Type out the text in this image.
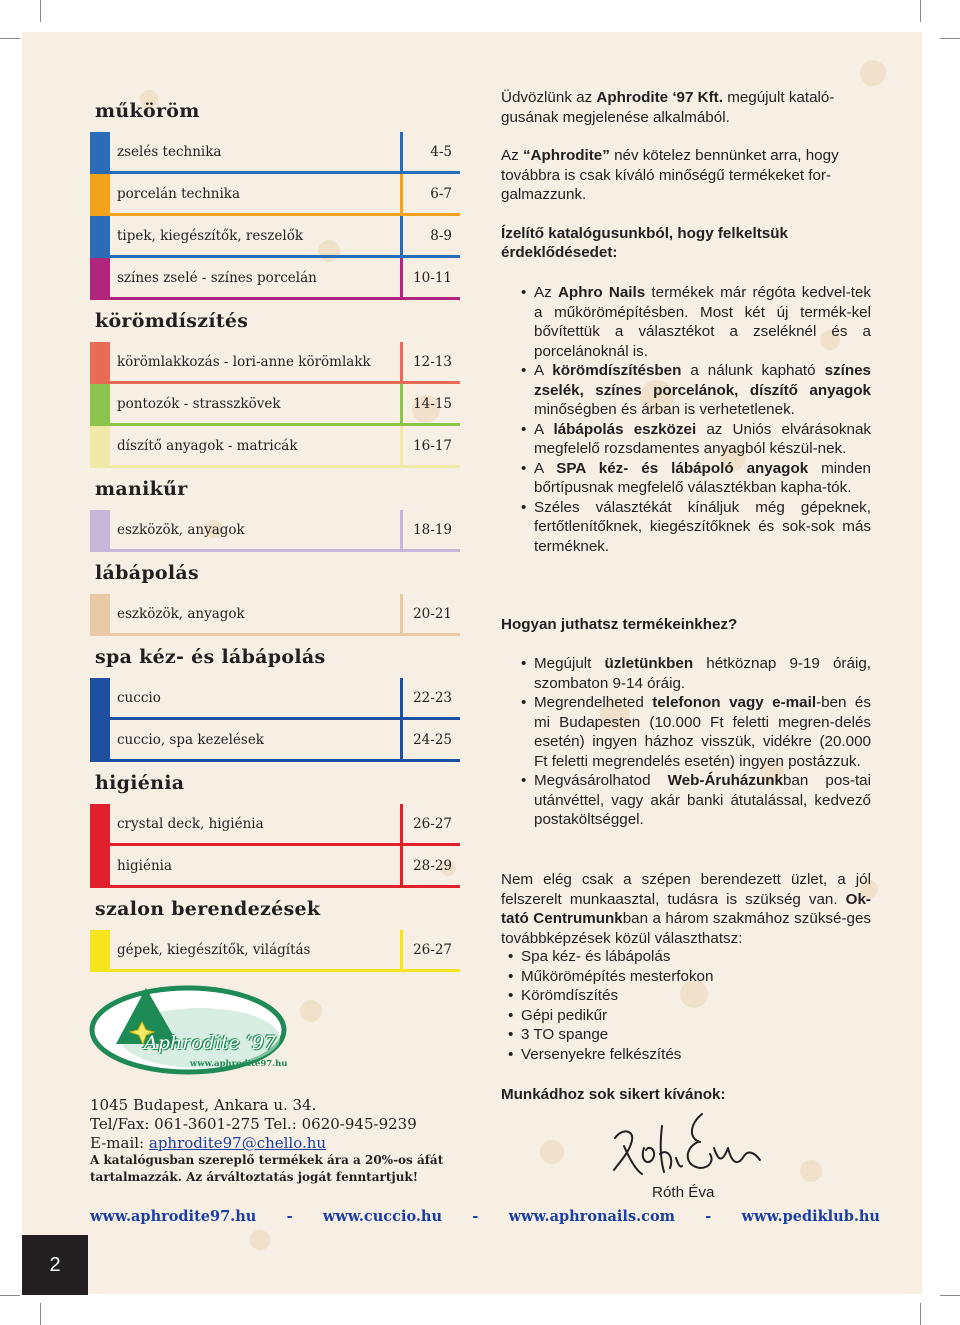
műköröm
zselés technika	4-5
porcelán technika	6-7
tipek, kiegészítők, reszelők	8-9
színes zselé - színes porcelán	10-11
körömdíszítés
körömlakkozás - lori-anne körömlakk	12-13
pontozók - strasszkövek	14-15
díszítő anyagok - matricák	16-17
manikűr
eszközök, anyagok	18-19
lábápolás
eszközök, anyagok	20-21
spa kéz- és lábápolás
cuccio	22-23
cuccio, spa kezelések	24-25
higiénia
crystal deck, higiénia	26-27
higiénia	28-29
szalon berendezések
gépek, kiegészítők, világítás	26-27
Aphrodite ‘97
www.aphrodite97.hu
1045 Budapest, Ankara u. 34.
Tel/Fax: 061-3601-275 Tel.: 0620-945-9239
E-mail: aphrodite97@chello.hu
A katalógusban szereplő termékek ára a 20%-os áfát tartalmazzák. Az árváltoztatás jogát fenntartjuk!

Üdvözlünk az Aphrodite ‘97 Kft. megújult kataló-
gusának megjelenése alkalmából.

Az “Aphrodite” név kötelez bennünket arra, hogy
továbbra is csak kíváló minőségű termékeket for-
galmazzunk.

Ízelítő katalógusunkból, hogy felkeltsük
érdeklődésedet:

• Az Aphro Nails termékek már régóta kedvel-tek a műkörömépítésben. Most két új termék-kel bővítettük a választékot a zseléknél és a porcelánoknál is.
• A körömdíszítésben a nálunk kapható színes zselék, színes porcelánok, díszítő anyagok minőségben és árban is verhetetlenek.
• A lábápolás eszközei az Uniós elvárásoknak megfelelő rozsdamentes anyagból készül-nek.
• A SPA kéz- és lábápoló anyagok minden bőrtípusnak megfelelő választékban kapha-tók.
• Széles választékát kínáljuk még gépeknek, fertőtlenítőknek, kiegészítőknek és sok-sok más terméknek.
Hogyan juthatsz termékeinkhez?
• Megújult üzletünkben hétköznap 9-19 óráig, szombaton 9-14 óráig.
• Megrendelheted telefonon vagy e-mail-ben és mi Budapesten (10.000 Ft feletti megren-delés esetén) ingyen házhoz visszük, vidékre (20.000 Ft feletti megrendelés esetén) ingyen postázzuk.
• Megvásárolhatod Web-Áruházunkban pos-tai utánvéttel, vagy akár banki átutalással, kedvező postaköltséggel.

Nem elég csak a szépen berendezett üzlet, a jól felszerelt munkaasztal, tudásra is szükség van. Ok-tató Centrumunkban a három szakmához szüksé-ges továbbképzések közül választhatsz:

• Spa kéz- és lábápolás
• Műkörömépítés mesterfokon
• Körömdíszítés
• Gépi pedikűr
• 3 TO spange
• Versenyekre felkészítés
Munkádhoz sok sikert kívánok:
Róth Éva
www.aphrodite97.hu - www.cuccio.hu - www.aphronails.com - www.pediklub.hu
2
